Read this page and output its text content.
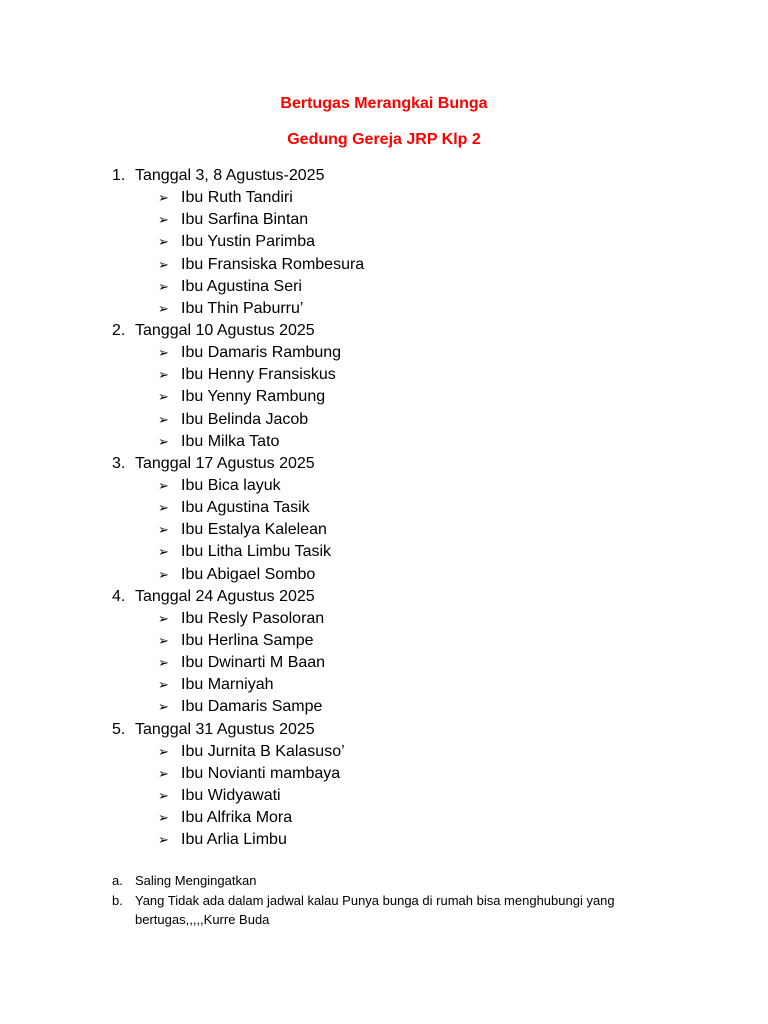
Bertugas Merangkai Bunga
Gedung Gereja JRP Klp 2
1. Tanggal 3, 8 Agustus-2025
➢ Ibu Ruth Tandiri
➢ Ibu Sarfina Bintan
➢ Ibu Yustin Parimba
➢ Ibu Fransiska Rombesura
➢ Ibu Agustina Seri
➢ Ibu Thin Paburru’
2. Tanggal 10 Agustus 2025
➢ Ibu Damaris Rambung
➢ Ibu Henny Fransiskus
➢ Ibu Yenny Rambung
➢ Ibu Belinda Jacob
➢ Ibu Milka Tato
3. Tanggal 17 Agustus 2025
➢ Ibu Bica layuk
➢ Ibu Agustina Tasik
➢ Ibu Estalya Kalelean
➢ Ibu Litha Limbu Tasik
➢ Ibu Abigael Sombo
4. Tanggal 24 Agustus 2025
➢ Ibu Resly Pasoloran
➢ Ibu Herlina Sampe
➢ Ibu Dwinarti M Baan
➢ Ibu Marniyah
➢ Ibu Damaris Sampe
5. Tanggal 31 Agustus 2025
➢ Ibu Jurnita B Kalasuso’
➢ Ibu Novianti mambaya
➢ Ibu Widyawati
➢ Ibu Alfrika Mora
➢ Ibu Arlia Limbu
a. Saling Mengingatkan
b. Yang Tidak ada dalam jadwal kalau Punya bunga di rumah bisa menghubungi yang bertugas,,,,,Kurre Buda
